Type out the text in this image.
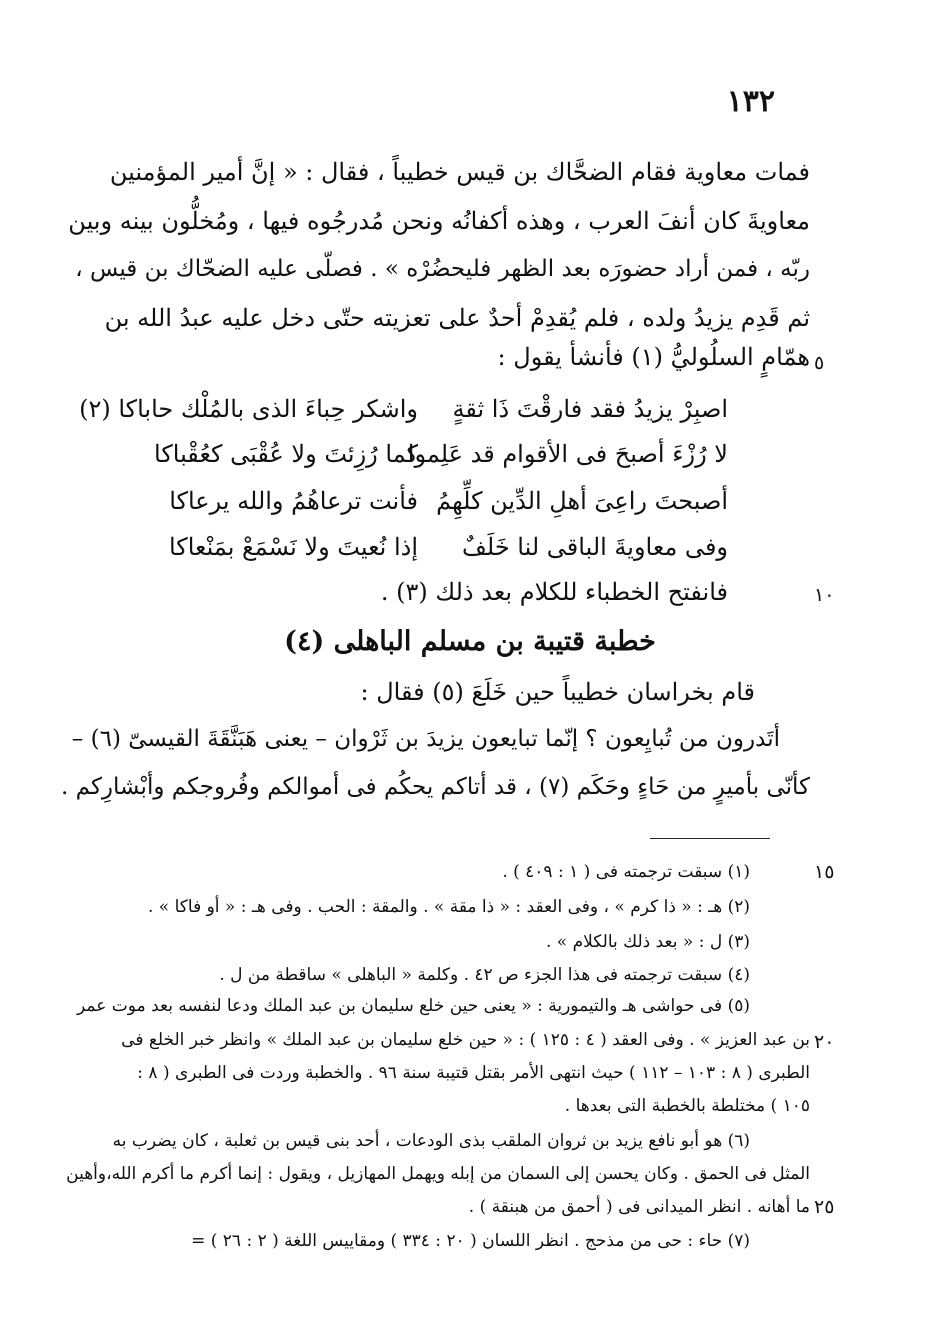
١٣٢
فمات معاوية فقام الضحَّاك بن قيس خطيباً ، فقال : « إنَّ أمير المؤمنين
معاويةَ كان أنفَ العرب ، وهذه أكفانُه ونحن مُدرجُوه فيها ، ومُخلُّون بينه وبين
ربّه ، فمن أراد حضورَه بعد الظهر فليحضُرْه » . فصلّى عليه الضحّاك بن قيس ،
ثم قَدِم يزيدُ ولده ، فلم يُقدِمْ أحدٌ على تعزيته حتّى دخل عليه عبدُ الله بن
همّامٍ السلُوليُّ (١) فأنشأ يقول : ٥
اصبِرْ يزيدُ فقد فارقْتَ ذَا ثقةٍ
واشكر حِباءَ الذى بالمُلْك حاباكا (٢)
لا رُزْءَ أصبحَ فى الأقوام قد عَلِموا
كما رُزِئتَ ولا عُقْبَى كعُقْباكا
أصبحتَ راعِىَ أهلِ الدِّين كلِّهِمُ
فأنت ترعاهُمُ والله يرعاكا
وفى معاويةَ الباقى لنا خَلَفٌ
إذا نُعيتَ ولا نَسْمَعْ بمَنْعاكا
فانفتح الخطباء للكلام بعد ذلك (٣) .	١٠
خطبة قتيبة بن مسلم الباهلى (٤)
قام بخراسان خطيباً حين خَلَعَ (٥) فقال :
أتَدرون من تُبايِعون ؟ إنّما تبايعون يزيدَ بن ثَرْوان – يعنى هَبَنَّقَةَ القيسىّ (٦) –
كأنّى بأميرٍ من حَاءٍ وحَكَم (٧) ، قد أتاكم يحكُم فى أموالكم وفُروجكم وأبْشارِكم .
(١) سبقت ترجمته فى ( ١ : ٤٠٩ ) .	١٥
(٢) هـ : « ذا كرم » ، وفى العقد : « ذا مقة » . والمقة : الحب . وفى هـ : « أو فاكا » .
(٣) ل : « بعد ذلك بالكلام » .
(٤) سبقت ترجمته فى هذا الجزء ص ٤٢ . وكلمة « الباهلى » ساقطة من ل .
(٥) فى حواشى هـ والتيمورية : « يعنى حين خلع سليمان بن عبد الملك ودعا لنفسه بعد موت عمر
بن عبد العزيز » . وفى العقد ( ٤ : ١٢٥ ) : « حين خلع سليمان بن عبد الملك » وانظر خبر الخلع فى ٢٠
الطبرى ( ٨ : ١٠٣ – ١١٢ ) حيث انتهى الأمر بقتل قتيبة سنة ٩٦ . والخطبة وردت فى الطبرى ( ٨ :
١٠٥ ) مختلطة بالخطبة التى بعدها .
(٦) هو أبو نافع يزيد بن ثروان الملقب بذى الودعات ، أحد بنى قيس بن ثعلبة ، كان يضرب به
المثل فى الحمق . وكان يحسن إلى السمان من إبله ويهمل المهازيل ، ويقول : إنما أكرم ما أكرم الله،وأهين
ما أهانه . انظر الميدانى فى ( أحمق من هبنقة ) . ٢٥
(٧) حاء : حى من مذحج . انظر اللسان ( ٢٠ : ٣٣٤ ) ومقاييس اللغة ( ٢ : ٢٦ ) =
